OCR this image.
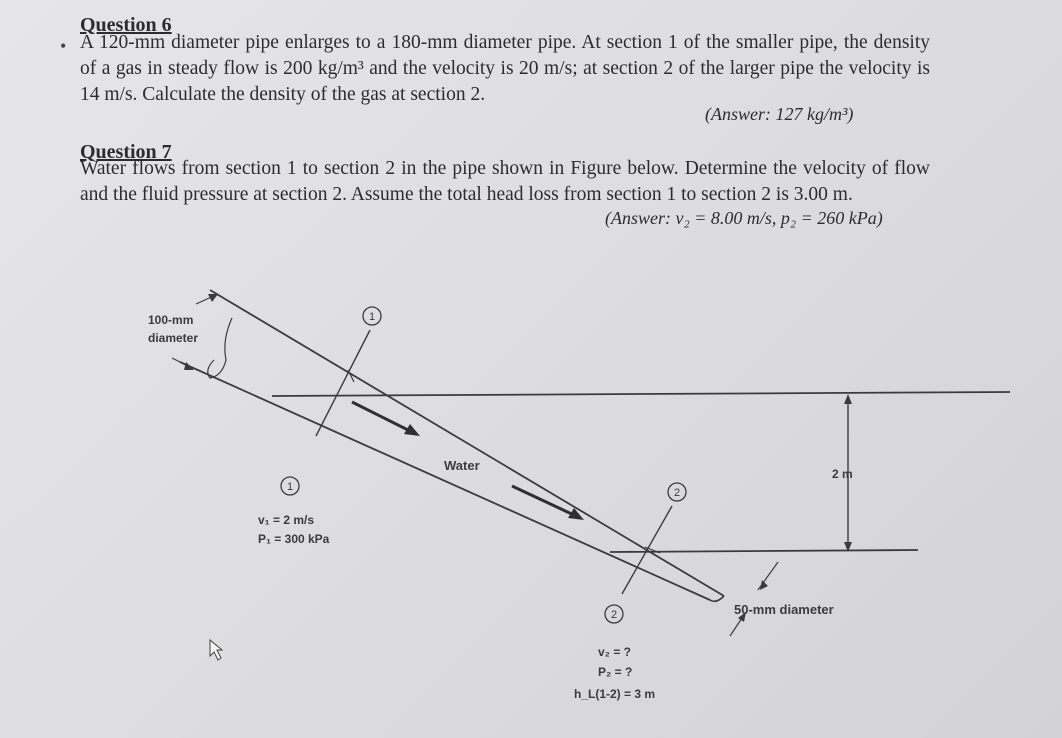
•
Question 6
A 120-mm diameter pipe enlarges to a 180-mm diameter pipe. At section 1 of the smaller pipe, the density of a gas in steady flow is 200 kg/m³ and the velocity is 20 m/s; at section 2 of the larger pipe the velocity is 14 m/s. Calculate the density of the gas at section 2.
(Answer: 127 kg/m³)
Question 7
Water flows from section 1 to section 2 in the pipe shown in Figure below. Determine the velocity of flow and the fluid pressure at section 2. Assume the total head loss from section 1 to section 2 is 3.00 m.
(Answer: v₂ = 8.00 m/s, p₂ = 260 kPa)
2 m
1
1	2
2
100-mm
diameter
50-mm diameter
Water
v₁ = 2 m/s
P₁ = 300 kPa
v₂ = ?
P₂ = ?
h_L(1-2) = 3 m
